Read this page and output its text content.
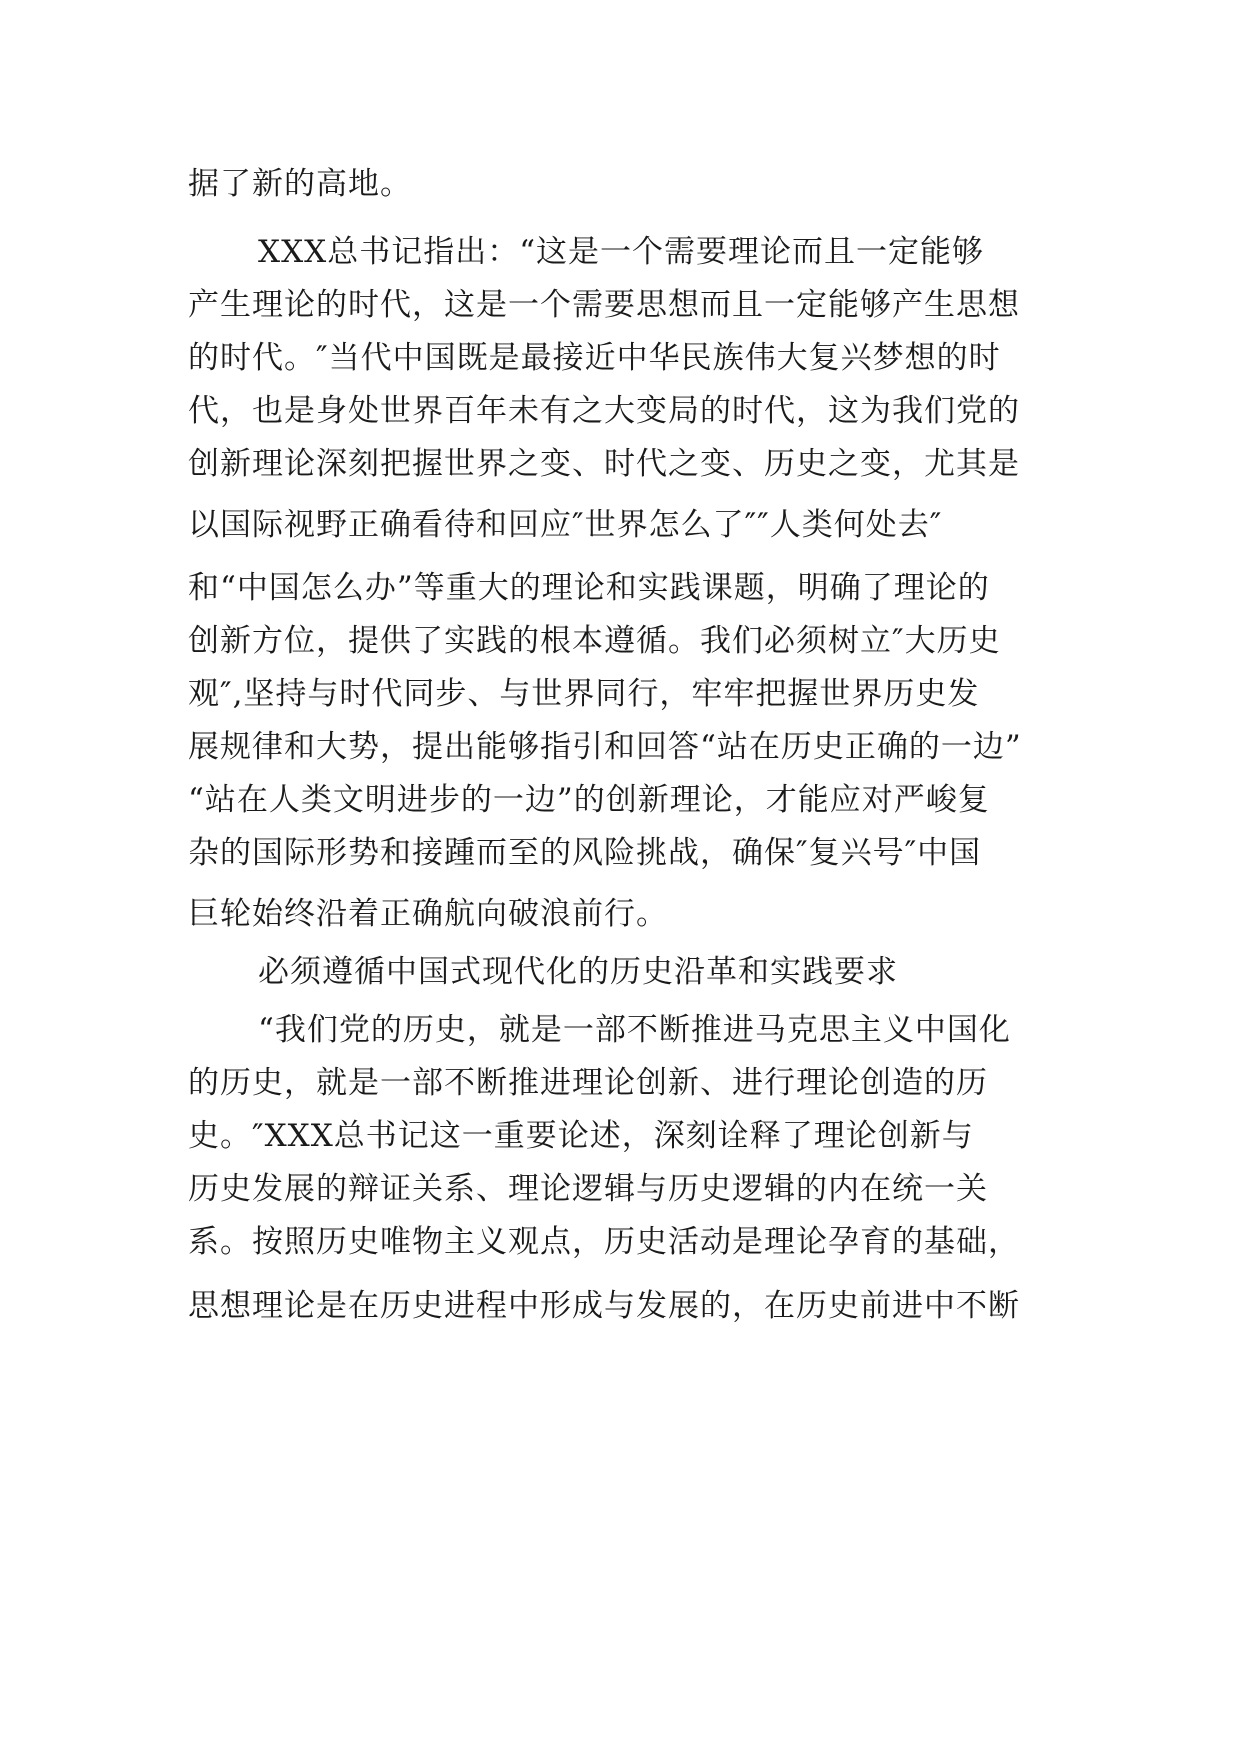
据了新的高地。
XXX总书记指出：“这是一个需要理论而且一定能够
产生理论的时代，这是一个需要思想而且一定能够产生思想
的时代。″当代中国既是最接近中华民族伟大复兴梦想的时
代，也是身处世界百年未有之大变局的时代，这为我们党的
创新理论深刻把握世界之变、时代之变、历史之变，尤其是
以国际视野正确看待和回应″世界怎么了″″人类何处去″
和“中国怎么办”等重大的理论和实践课题，明确了理论的
创新方位，提供了实践的根本遵循。我们必须树立″大历史
观″,坚持与时代同步、与世界同行，牢牢把握世界历史发
展规律和大势，提出能够指引和回答“站在历史正确的一边”
“站在人类文明进步的一边”的创新理论，才能应对严峻复
杂的国际形势和接踵而至的风险挑战，确保″复兴号″中国
巨轮始终沿着正确航向破浪前行。
必须遵循中国式现代化的历史沿革和实践要求
“我们党的历史，就是一部不断推进马克思主义中国化
的历史，就是一部不断推进理论创新、进行理论创造的历
史。″XXX总书记这一重要论述，深刻诠释了理论创新与
历史发展的辩证关系、理论逻辑与历史逻辑的内在统一关
系。按照历史唯物主义观点，历史活动是理论孕育的基础，
思想理论是在历史进程中形成与发展的，在历史前进中不断
